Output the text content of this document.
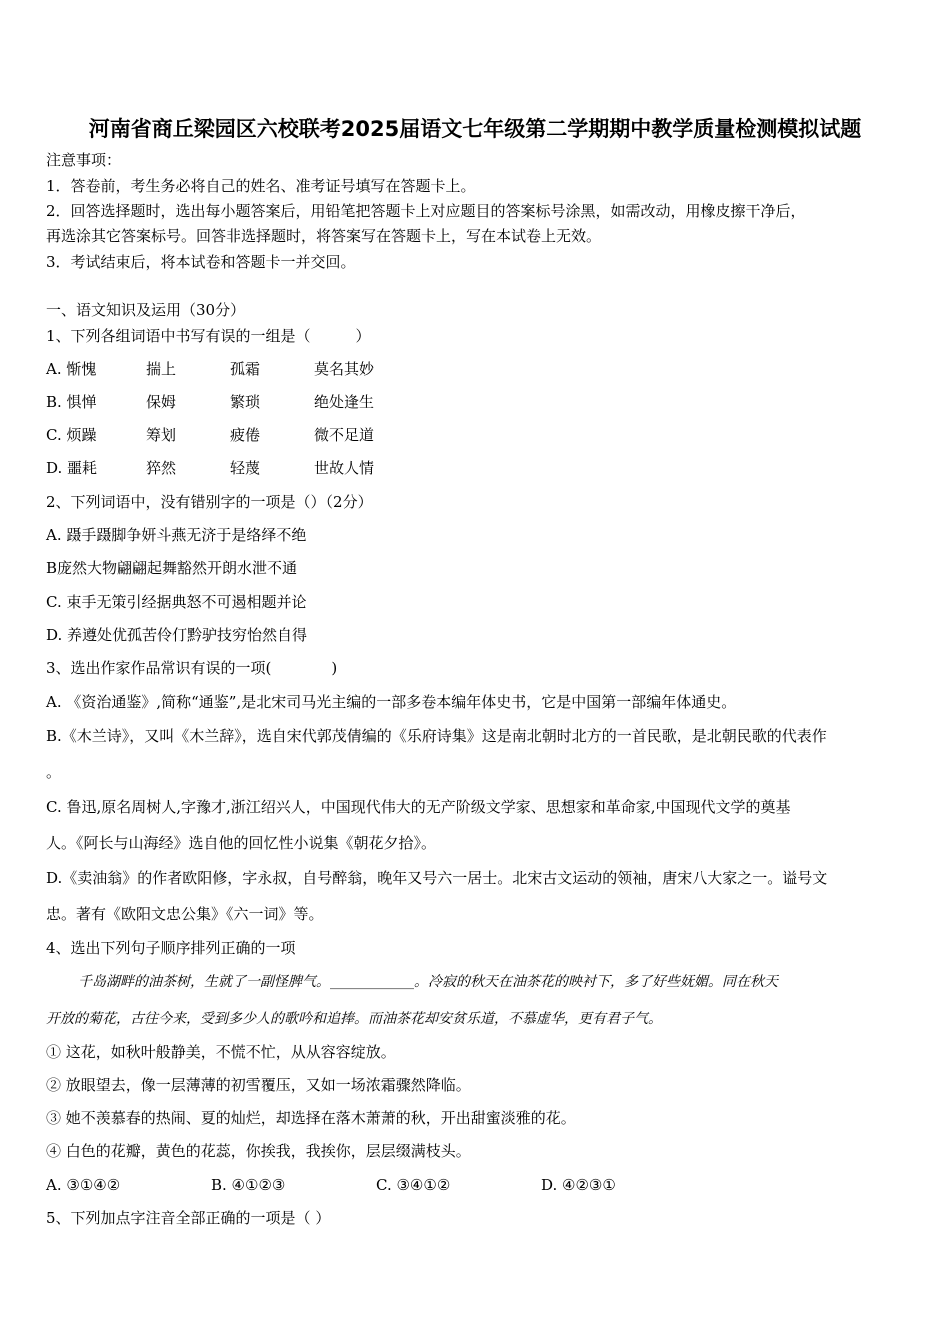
河南省商丘梁园区六校联考2025届语文七年级第二学期期中教学质量检测模拟试题
注意事项：
1．答卷前，考生务必将自己的姓名、准考证号填写在答题卡上。
2．回答选择题时，选出每小题答案后，用铅笔把答题卡上对应题目的答案标号涂黑，如需改动，用橡皮擦干净后，
再选涂其它答案标号。回答非选择题时，将答案写在答题卡上，写在本试卷上无效。
3．考试结束后，将本试卷和答题卡一并交回。
一、语文知识及运用（30分）
1、下列各组词语中书写有误的一组是（　　　）
A. 惭愧	揣上	孤霜	莫名其妙
B. 惧惮	保姆	繁琐	绝处逢生
C. 烦躁	筹划	疲倦	微不足道
D. 噩耗	猝然	轻蔑	世故人情
2、下列词语中，没有错别字的一项是（）（2分）
A. 蹑手蹑脚争妍斗燕无济于是络绎不绝
B庞然大物翩翩起舞豁然开朗水泄不通
C. 束手无策引经据典怒不可遏相题并论
D. 养遵处优孤苦伶仃黔驴技穷怡然自得
3、选出作家作品常识有误的一项(　　　　)
A. 《资治通鉴》,简称“通鉴”,是北宋司马光主编的一部多卷本编年体史书，它是中国第一部编年体通史。
B.《木兰诗》，又叫《木兰辞》，选自宋代郭茂倩编的《乐府诗集》这是南北朝时北方的一首民歌，是北朝民歌的代表作
。
C. 鲁迅,原名周树人,字豫才,浙江绍兴人，中国现代伟大的无产阶级文学家、思想家和革命家,中国现代文学的奠基
人。《阿长与山海经》选自他的回忆性小说集《朝花夕拾》。
D.《卖油翁》的作者欧阳修，字永叔，自号醉翁，晚年又号六一居士。北宋古文运动的领袖，唐宋八大家之一。谥号文
忠。著有《欧阳文忠公集》《六一词》等。
4、选出下列句子顺序排列正确的一项
千岛湖畔的油茶树，生就了一副怪脾气。____________。冷寂的秋天在油茶花的映衬下，多了好些妩媚。同在秋天
开放的菊花，古往今来，受到多少人的歌吟和追捧。而油茶花却安贫乐道，不慕虚华，更有君子气。
① 这花，如秋叶般静美，不慌不忙，从从容容绽放。
② 放眼望去，像一层薄薄的初雪覆压，又如一场浓霜骤然降临。
③ 她不羡慕春的热闹、夏的灿烂，却选择在落木萧萧的秋，开出甜蜜淡雅的花。
④ 白色的花瓣，黄色的花蕊，你挨我，我挨你，层层缀满枝头。
A. ③①④②	B. ④①②③	C. ③④①②	D. ④②③①
5、下列加点字注音全部正确的一项是（ ）
